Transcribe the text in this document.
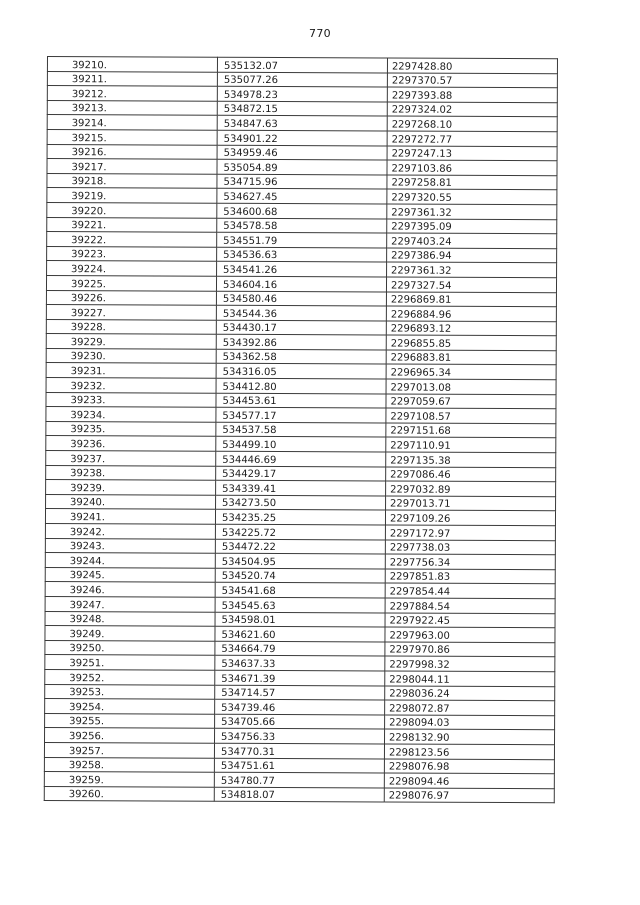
770
39210.	535132.07	2297428.80
39211.	535077.26	2297370.57
39212.	534978.23	2297393.88
39213.	534872.15	2297324.02
39214.	534847.63	2297268.10
39215.	534901.22	2297272.77
39216.	534959.46	2297247.13
39217.	535054.89	2297103.86
39218.	534715.96	2297258.81
39219.	534627.45	2297320.55
39220.	534600.68	2297361.32
39221.	534578.58	2297395.09
39222.	534551.79	2297403.24
39223.	534536.63	2297386.94
39224.	534541.26	2297361.32
39225.	534604.16	2297327.54
39226.	534580.46	2296869.81
39227.	534544.36	2296884.96
39228.	534430.17	2296893.12
39229.	534392.86	2296855.85
39230.	534362.58	2296883.81
39231.	534316.05	2296965.34
39232.	534412.80	2297013.08
39233.	534453.61	2297059.67
39234.	534577.17	2297108.57
39235.	534537.58	2297151.68
39236.	534499.10	2297110.91
39237.	534446.69	2297135.38
39238.	534429.17	2297086.46
39239.	534339.41	2297032.89
39240.	534273.50	2297013.71
39241.	534235.25	2297109.26
39242.	534225.72	2297172.97
39243.	534472.22	2297738.03
39244.	534504.95	2297756.34
39245.	534520.74	2297851.83
39246.	534541.68	2297854.44
39247.	534545.63	2297884.54
39248.	534598.01	2297922.45
39249.	534621.60	2297963.00
39250.	534664.79	2297970.86
39251.	534637.33	2297998.32
39252.	534671.39	2298044.11
39253.	534714.57	2298036.24
39254.	534739.46	2298072.87
39255.	534705.66	2298094.03
39256.	534756.33	2298132.90
39257.	534770.31	2298123.56
39258.	534751.61	2298076.98
39259.	534780.77	2298094.46
39260.	534818.07	2298076.97
